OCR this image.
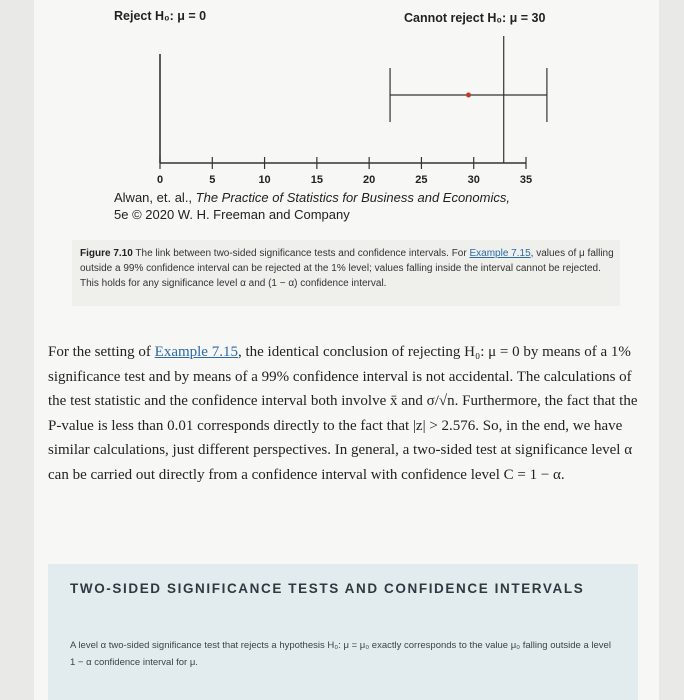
0	5	10	15	20	25	30	35
Reject H₀: μ = 0	Cannot reject H₀: μ = 30
Alwan, et. al., The Practice of Statistics for Business and Economics,
5e © 2020 W. H. Freeman and Company
Figure 7.10 The link between two-sided significance tests and confidence intervals. For Example 7.15, values of μ falling outside a 99% confidence interval can be rejected at the 1% level; values falling inside the interval cannot be rejected. This holds for any significance level α and (1 − α) confidence interval.
For the setting of Example 7.15, the identical conclusion of rejecting H₀: μ = 0 by means of a 1% significance test and by means of a 99% confidence interval is not accidental. The calculations of the test statistic and the confidence interval both involve x̄ and σ/√n. Furthermore, the fact that the P-value is less than 0.01 corresponds directly to the fact that |z| > 2.576. So, in the end, we have similar calculations, just different perspectives. In general, a two-sided test at significance level α can be carried out directly from a confidence interval with confidence level C = 1 − α.
TWO-SIDED SIGNIFICANCE TESTS AND CONFIDENCE INTERVALS
A level α two-sided significance test that rejects a hypothesis H₀: μ = μ₀ exactly corresponds to the value μ₀ falling outside a level 1 − α confidence interval for μ.
